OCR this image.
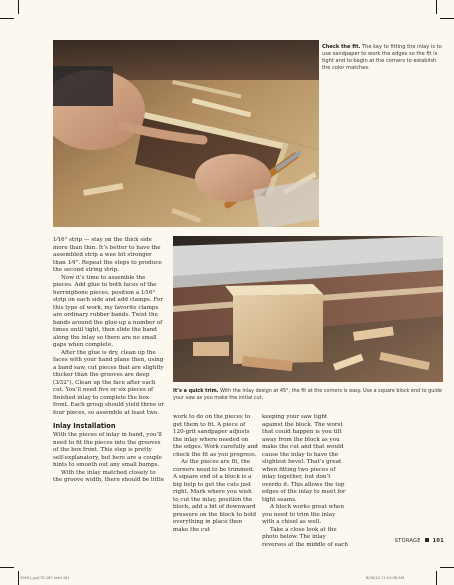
Check the fit. The key to fitting the inlay is to use sandpaper to work the edges so the fit is tight and to begin at the corners to establish the color matches.
It’s a quick trim. With the inlay design at 45°, the fit at the corners is easy. Use a square block end to guide your saw as you make the initial cut.

1⁄16" strip — stay on the thick side more than thin. It’s better to have the assembled strip a wee bit stronger than 1⁄4". Repeat the steps to produce the second string strip.

Now it’s time to assemble the pieces. Add glue to both faces of the herringbone pieces, position a 1⁄16" strip on each side and add clamps. For this type of work, my favorite clamps are ordinary rubber bands. Twist the bands around the glue-up a number of times until tight, then slide the band along the inlay so there are no small gaps when complete.

After the glue is dry, clean up the faces with your hand plane then, using a band saw, cut pieces that are slightly thicker than the grooves are deep (3⁄32"). Clean up the face after each cut. You’ll need five or six pieces of finished inlay to complete the box front. Each group should yield three or four pieces, so assemble at least two.

Inlay Installation

With the pieces of inlay in hand, you’ll need to fit the pieces into the grooves of the box front. This step is pretty self-explanatory, but here are a couple hints to smooth out any small bumps.

With the inlay matched closely to the groove width, there should be little

work to do on the pieces to get them to fit. A piece of 120-grit sandpaper adjusts the inlay where needed on the edges. Work carefully and check the fit as you progress.

As the pieces are fit, the corners need to be trimmed. A square end of a block is a big help to get the cuts just right. Mark where you wish to cut the inlay, position the block, add a bit of downward pressure on the block to hold everything in place then make the cut

keeping your saw tight against the block. The worst that could happen is you tilt away from the block as you make the cut and that would cause the inlay to have the slightest bevel. That’s great when fitting two pieces of inlay together, but don’t overdo it. This allows the top edges of the inlay to meet for tight seams.

A block works great when you need to trim the inlay with a chisel as well.

Take a close look at the photo below. The inlay reverses at the middle of each

STORAGE 101
Y0001_pg170-187.indd 181	6/26/10 11:10:08 AM
